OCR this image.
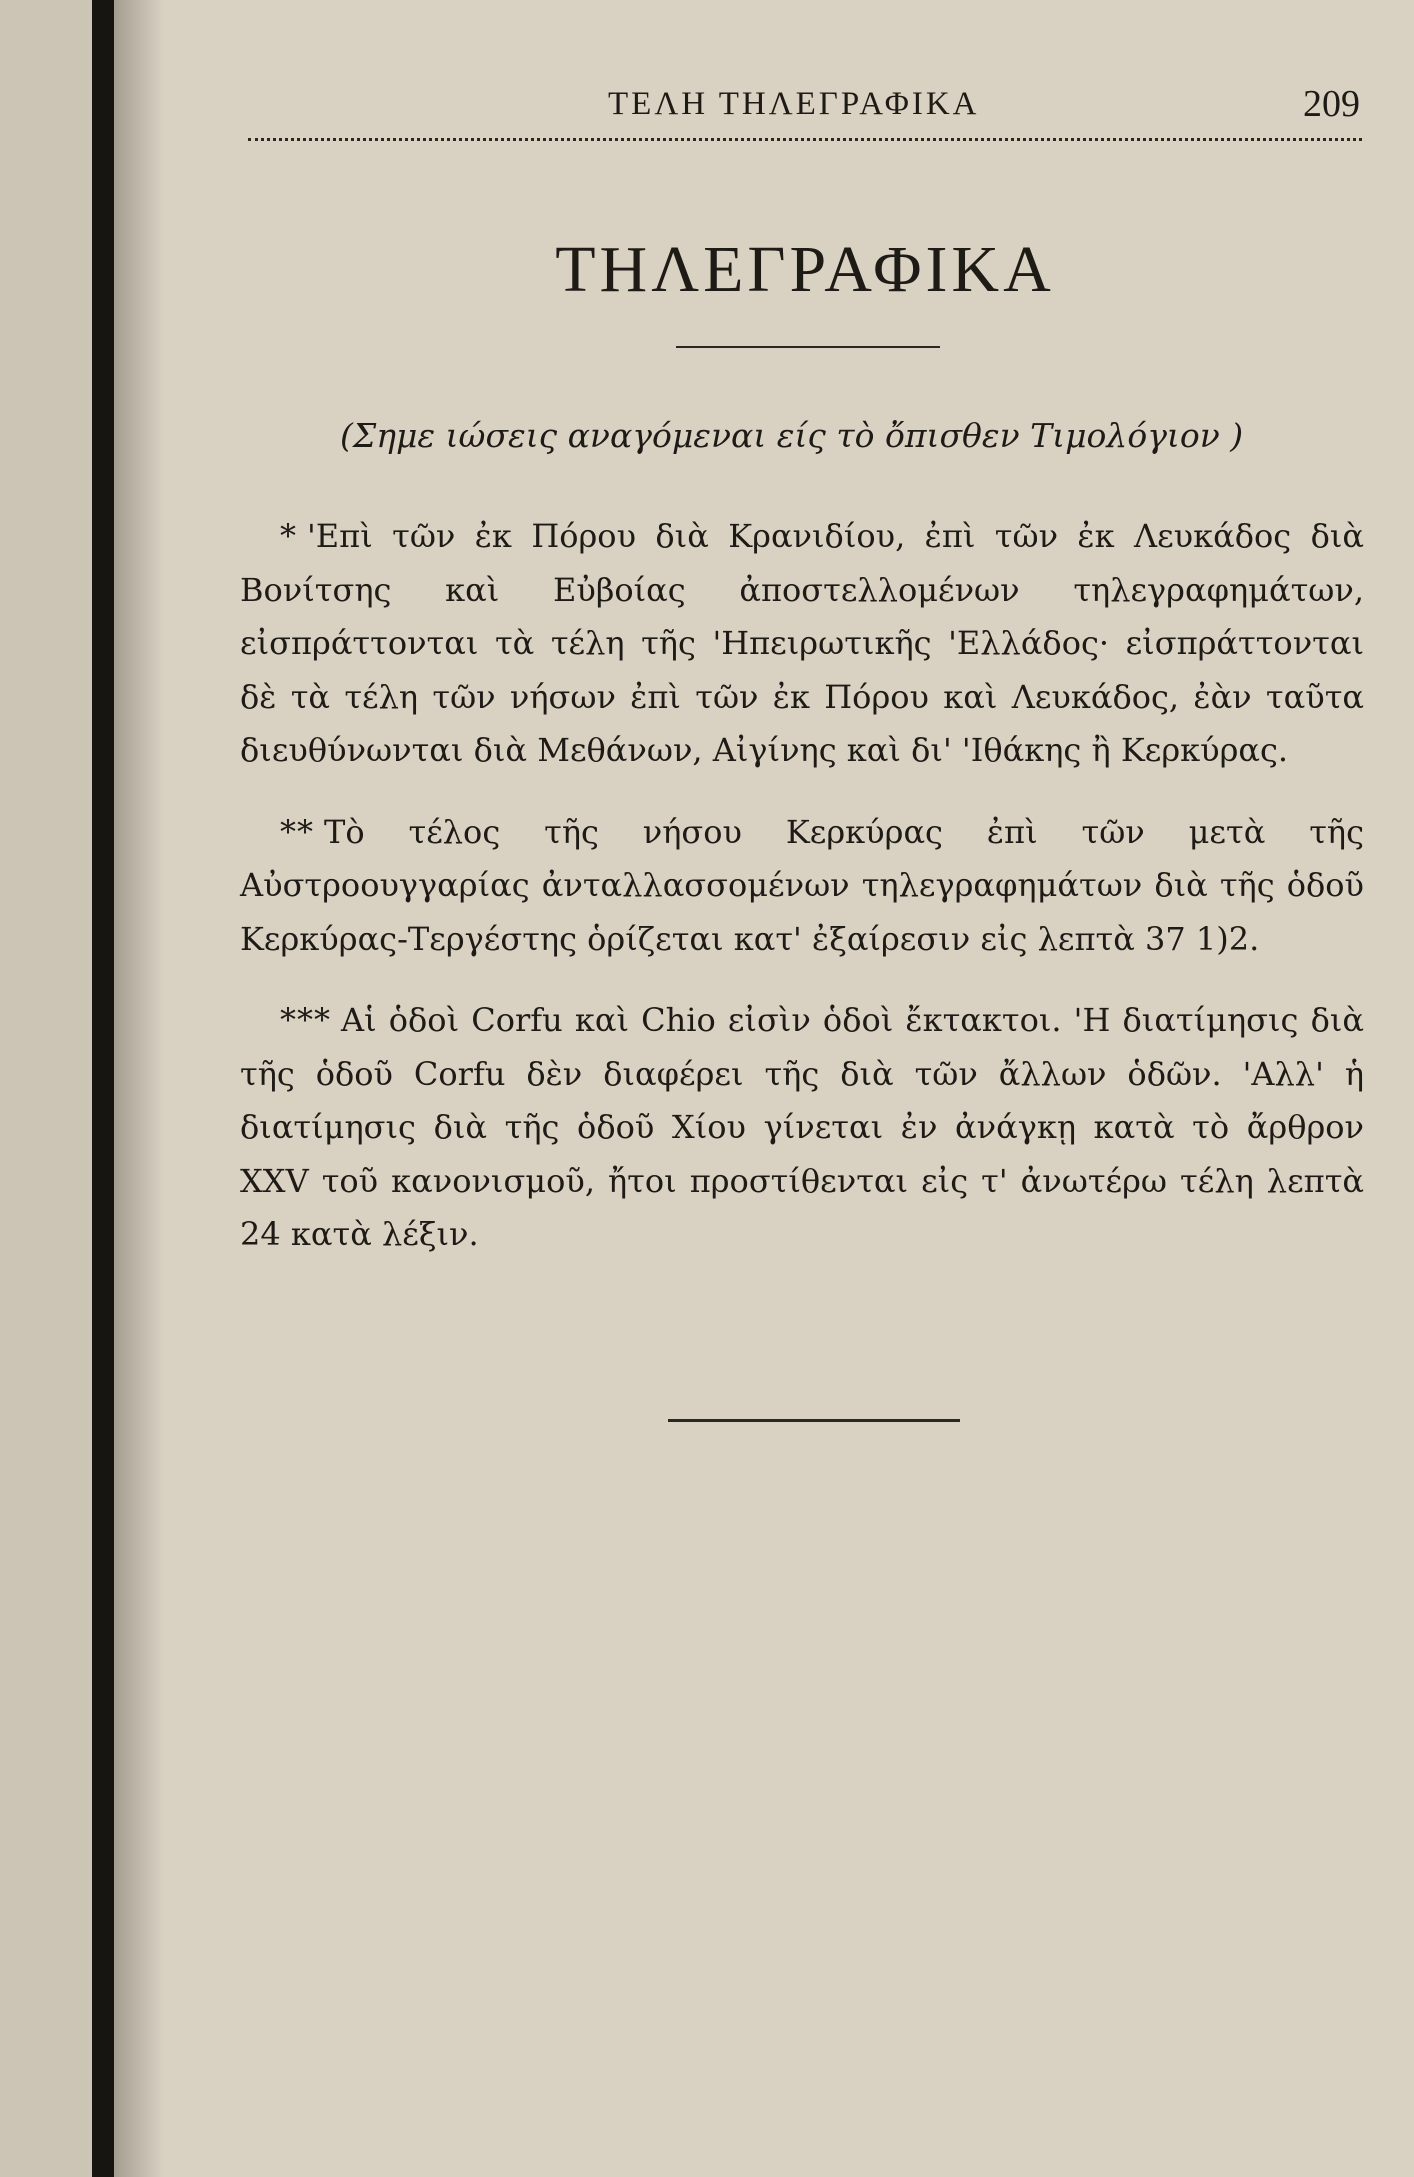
ΤΕΛΗ ΤΗΛΕΓΡΑΦΙΚΑ	209
ΤΗΛΕΓΡΑΦΙΚΑ
(Σημε ιώσεις αναγόμεναι είς τὸ ὄπισθεν Τιμολόγιον )

* 'Επὶ τῶν ἐκ Πόρου διὰ Κρανιδίου, ἐπὶ τῶν ἐκ Λευκάδος διὰ Βονίτσης καὶ Εὐβοίας ἀποστελλομένων τηλεγραφημάτων, εἰσπράττονται τὰ τέλη τῆς 'Ηπειρωτικῆς 'Ελλάδος· εἰσπράττονται δὲ τὰ τέλη τῶν νήσων ἐπὶ τῶν ἐκ Πόρου καὶ Λευκάδος, ἐὰν ταῦτα διευθύνωνται διὰ Μεθάνων, Αἰγίνης καὶ δι' 'Ιθάκης ἢ Κερκύρας.

** Τὸ τέλος τῆς νήσου Κερκύρας ἐπὶ τῶν μετὰ τῆς Αὐστροουγγαρίας ἀνταλλασσομένων τηλεγραφημάτων διὰ τῆς ὁδοῦ Κερκύρας-Τεργέστης ὁρίζεται κατ' ἐξαίρεσιν εἰς λεπτὰ 37 1)2.

*** Αἱ ὁδοὶ Corfu καὶ Chio εἰσὶν ὁδοὶ ἔκτακτοι. 'Η διατίμησις διὰ τῆς ὁδοῦ Corfu δὲν διαφέρει τῆς διὰ τῶν ἄλλων ὁδῶν. 'Αλλ' ἡ διατίμησις διὰ τῆς ὁδοῦ Χίου γίνεται ἐν ἀνάγκῃ κατὰ τὸ ἄρθρον XXV τοῦ κανονισμοῦ, ἤτοι προστίθενται εἰς τ' ἀνωτέρω τέλη λεπτὰ 24 κατὰ λέξιν.
